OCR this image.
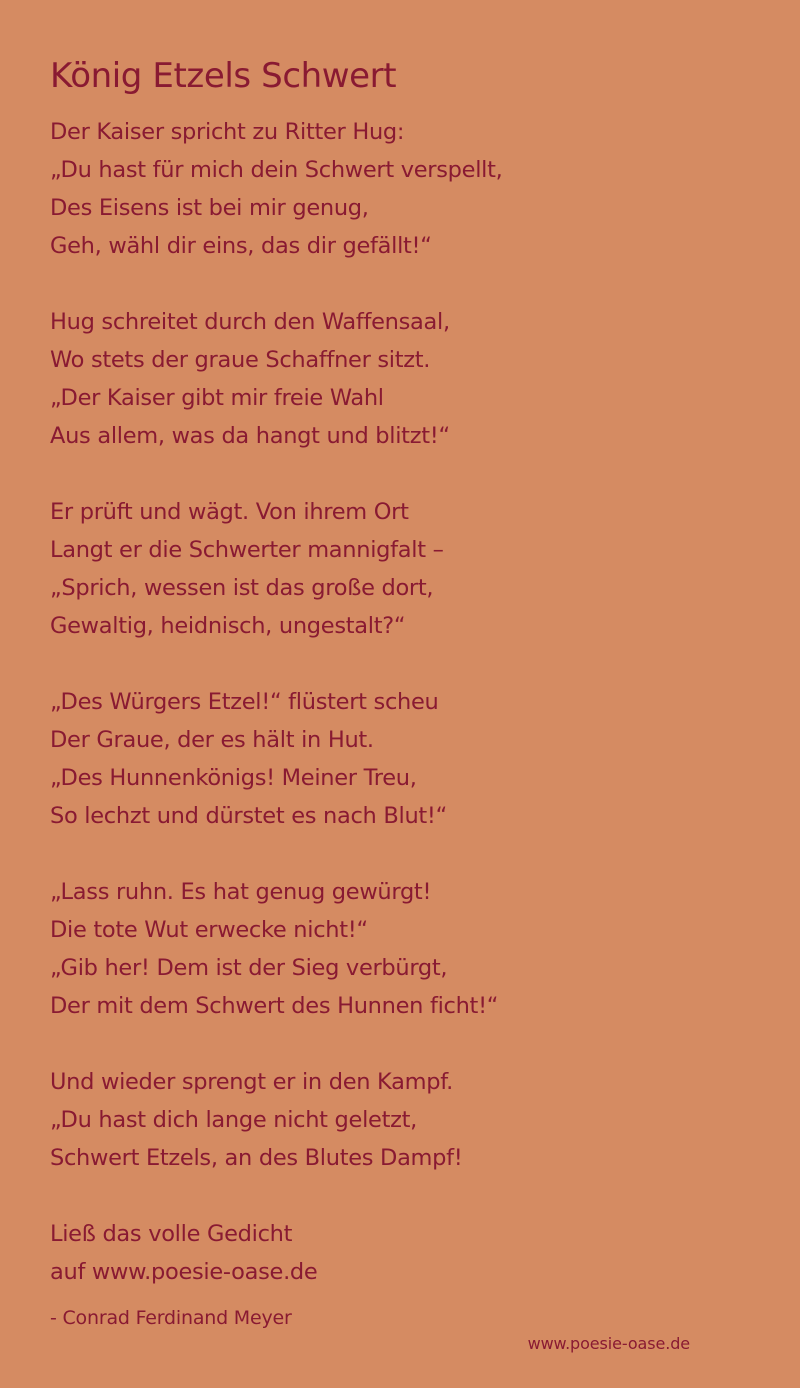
König Etzels Schwert
Der Kaiser spricht zu Ritter Hug:
„Du hast für mich dein Schwert verspellt,
Des Eisens ist bei mir genug,
Geh, wähl dir eins, das dir gefällt!“
Hug schreitet durch den Waffensaal,
Wo stets der graue Schaffner sitzt.
„Der Kaiser gibt mir freie Wahl
Aus allem, was da hangt und blitzt!“
Er prüft und wägt. Von ihrem Ort
Langt er die Schwerter mannigfalt –
„Sprich, wessen ist das große dort,
Gewaltig, heidnisch, ungestalt?“
„Des Würgers Etzel!“ flüstert scheu
Der Graue, der es hält in Hut.
„Des Hunnenkönigs! Meiner Treu,
So lechzt und dürstet es nach Blut!“
„Lass ruhn. Es hat genug gewürgt!
Die tote Wut erwecke nicht!“
„Gib her! Dem ist der Sieg verbürgt,
Der mit dem Schwert des Hunnen ficht!“
Und wieder sprengt er in den Kampf.
„Du hast dich lange nicht geletzt,
Schwert Etzels, an des Blutes Dampf!
Ließ das volle Gedicht
auf www.poesie-oase.de
- Conrad Ferdinand Meyer
www.poesie-oase.de
